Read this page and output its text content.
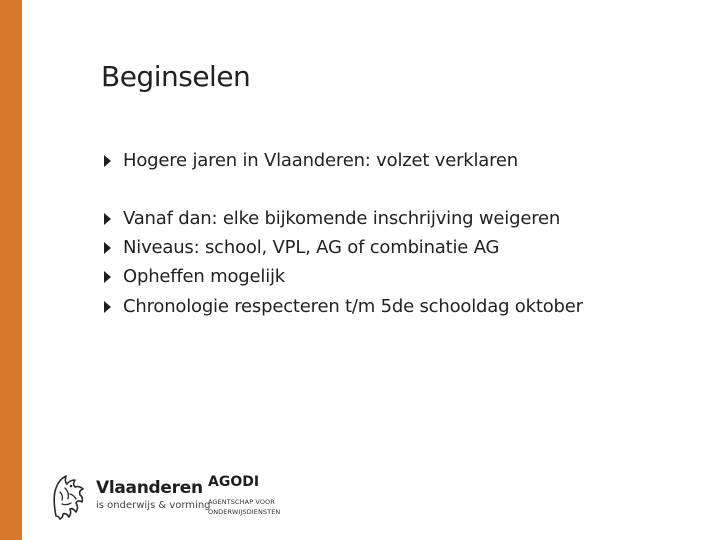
Beginselen
Hogere jaren in Vlaanderen: volzet verklaren
Vanaf dan: elke bijkomende inschrijving weigeren
Niveaus: school, VPL, AG of combinatie AG
Opheffen mogelijk
Chronologie respecteren t/m 5de schooldag oktober
Vlaanderen
is onderwijs & vorming
AGODI
AGENTSCHAP VOOR
ONDERWIJSDIENSTEN
